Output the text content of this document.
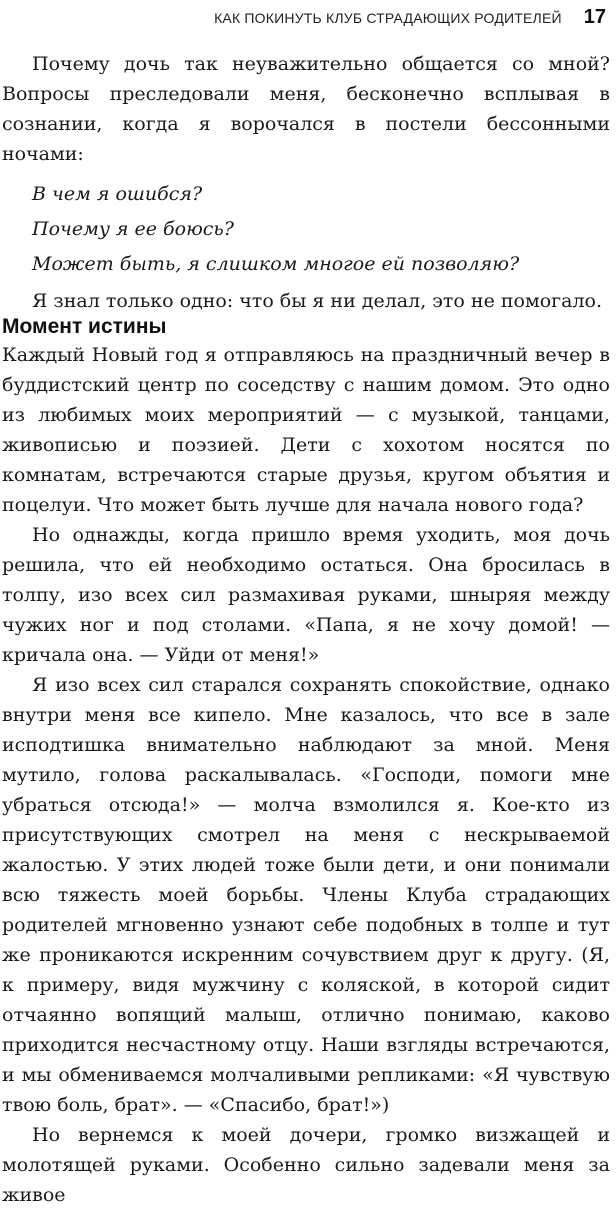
КАК ПОКИНУТЬ КЛУБ СТРАДАЮЩИХ РОДИТЕЛЕЙ 17

Почему дочь так неуважительно общается со мной? Вопросы преследовали меня, бесконечно всплывая в сознании, когда я ворочался в постели бессонными ночами:

В чем я ошибся?

Почему я ее боюсь?

Может быть, я слишком многое ей позволяю?

Я знал только одно: что бы я ни делал, это не помогало.

Момент истины

Каждый Новый год я отправляюсь на праздничный вечер в буддистский центр по соседству с нашим домом. Это одно из любимых моих мероприятий — с музыкой, танцами, живописью и поэзией. Дети с хохотом носятся по комнатам, встречаются старые друзья, кругом объятия и поцелуи. Что может быть лучше для начала нового года?

Но однажды, когда пришло время уходить, моя дочь решила, что ей необходимо остаться. Она бросилась в толпу, изо всех сил размахивая руками, шныряя между чужих ног и под столами. «Папа, я не хочу домой! — кричала она. — Уйди от меня!»

Я изо всех сил старался сохранять спокойствие, однако внутри меня все кипело. Мне казалось, что все в зале исподтишка внимательно наблюдают за мной. Меня мутило, голова раскалывалась. «Господи, помоги мне убраться отсюда!» — молча взмолился я. Кое-кто из присутствующих смотрел на меня с нескрываемой жалостью. У этих людей тоже были дети, и они понимали всю тяжесть моей борьбы. Члены Клуба страдающих родителей мгновенно узнают себе подобных в толпе и тут же проникаются искренним сочувствием друг к другу. (Я, к примеру, видя мужчину с коляской, в которой сидит отчаянно вопящий малыш, отлично понимаю, каково приходится несчастному отцу. Наши взгляды встречаются, и мы обмениваемся молчаливыми репликами: «Я чувствую твою боль, брат». — «Спасибо, брат!»)

Но вернемся к моей дочери, громко визжащей и молотящей руками. Особенно сильно задевали меня за живое
